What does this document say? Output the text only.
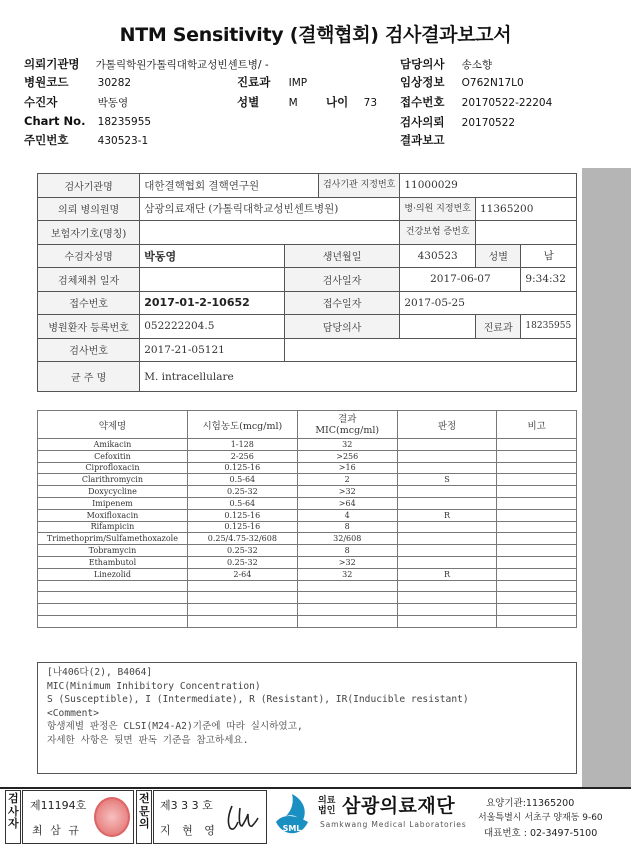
NTM Sensitivity (결핵협회) 검사결과보고서
의뢰기관명 가톨릭학원가톨릭대학교성빈센트병/ -	담당의사 송소향
병원코드	30282	진료과 IMP	임상정보 O762N17L0
수진자	박동영	성별	M 나이 73 접수번호 20170522-22204
Chart No. 18235955	검사의뢰 20170522
주민번호	430523-1	결과보고
검사기관명	대한결핵협회 결핵연구원		검사기관 지정번호	11000029		
의뢰 병의원명	삼광의료재단 (가톨릭대학교성빈센트병원)			병·의원 지정번호	11365200	
보험자기호(명칭)				건강보험 증번호		
수검자성명	박동영	생년월일		430523	성별	남
검체채취 일자		검사일자		2017-06-07		9:34:32
접수번호	2017-01-2-10652	접수일자		2017-05-25		
병원환자 등록번호	052222204.5	담당의사			진료과	18235955
검사번호	2017-21-05121					
균 주 명	M. intracellulare					
약제명	시험농도(mcg/ml)	결과 MIC(mcg/ml)	판정	비고
Amikacin	1-128	32		
Cefoxitin	2-256	>256		
Ciprofloxacin	0.125-16	>16		
Clarithromycin	0.5-64	2	S	
Doxycycline	0.25-32	>32		
Imipenem	0.5-64	>64		
Moxifloxacin	0.125-16	4	R	
Rifampicin	0.125-16	8		
Trimethoprim/Sulfamethoxazole	0.25/4.75-32/608	32/608		
Tobramycin	0.25-32	8		
Ethambutol	0.25-32	>32		
Linezolid	2-64	32	R	

[나406다(2), B4064]
MIC(Minimum Inhibitory Concentration)
S (Susceptible), I (Intermediate), R (Resistant), IR(Inducible resistant)
<Comment>
항생제별 판정은 CLSI(M24-A2)기준에 따라 실시하였고,
자세한 사항은 뒷면 판독 기준을 참고하세요.
검사자
제11194호
최 삼 규
전문의
제3 3 3 호
지 현 영	SML
의료법인 삼광의료재단
Samkwang Medical Laboratories
요양기관:11365200
서울특별시 서초구 양재동 9-60
대표번호 : 02-3497-5100
